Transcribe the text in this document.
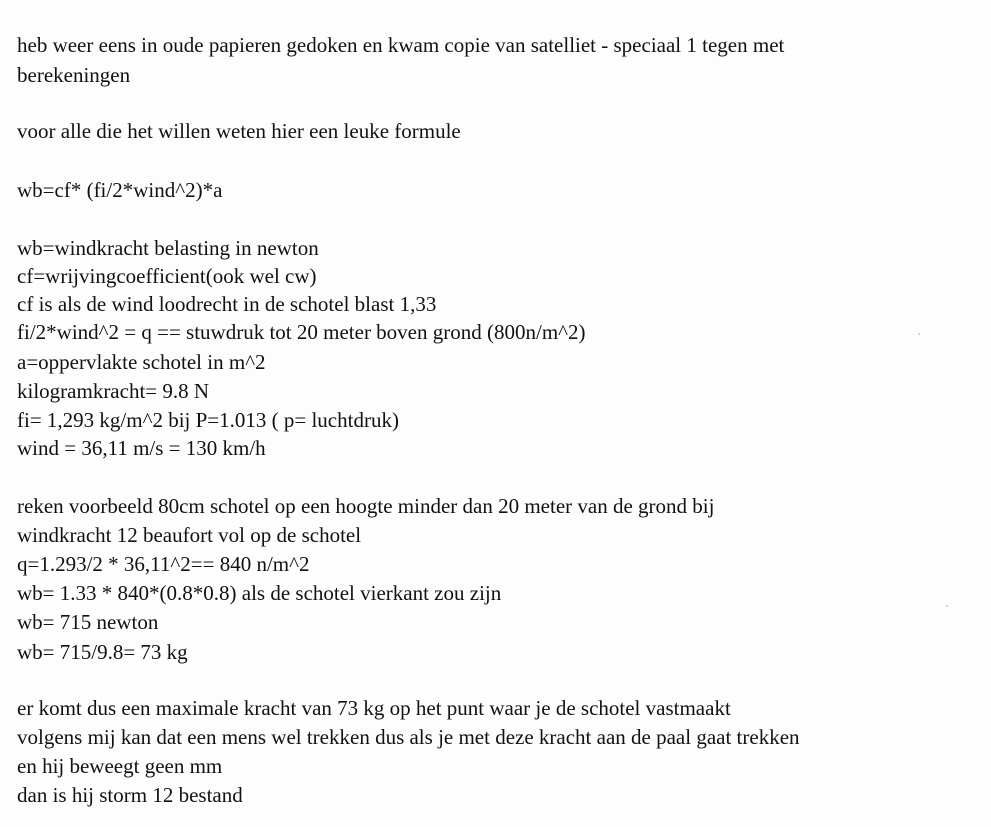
heb weer eens in oude papieren gedoken en kwam copie van satelliet - speciaal 1 tegen met
berekeningen
voor alle die het willen weten hier een leuke formule
wb=cf* (fi/2*wind^2)*a
wb=windkracht belasting in newton
cf=wrijvingcoefficient(ook wel cw)
cf is als de wind loodrecht in de schotel blast 1,33
fi/2*wind^2 = q == stuwdruk tot 20 meter boven grond (800n/m^2)
a=oppervlakte schotel in m^2
kilogramkracht= 9.8 N
fi= 1,293 kg/m^2 bij P=1.013 ( p= luchtdruk)
wind = 36,11 m/s = 130 km/h
reken voorbeeld 80cm schotel op een hoogte minder dan 20 meter van de grond bij
windkracht 12 beaufort vol op de schotel
q=1.293/2 * 36,11^2== 840 n/m^2
wb= 1.33 * 840*(0.8*0.8) als de schotel vierkant zou zijn
wb= 715 newton
wb= 715/9.8= 73 kg
er komt dus een maximale kracht van 73 kg op het punt waar je de schotel vastmaakt
volgens mij kan dat een mens wel trekken dus als je met deze kracht aan de paal gaat trekken
en hij beweegt geen mm
dan is hij storm 12 bestand
